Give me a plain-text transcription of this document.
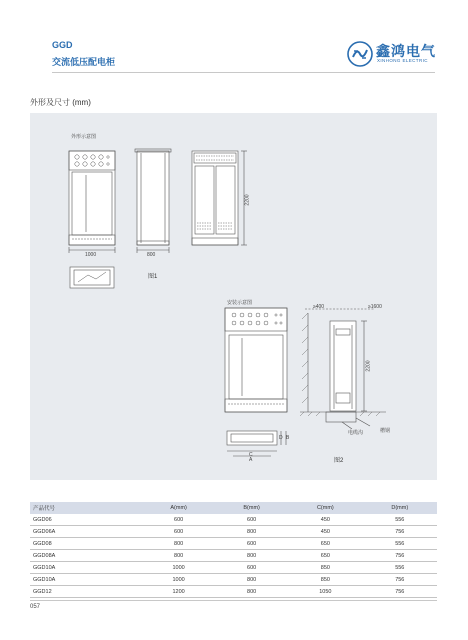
GGD
交流低压配电柜
鑫鸿电气
XINHONG ELECTRIC
外形及尺寸 (mm)
外形示意图
1000	800
2200
图1
安装示意图
≥400	≥1600
2200
电缆沟	槽钢
C
A
D B
图2
产品代号	A(mm)	B(mm)	C(mm)	D(mm)
GGD06	600	600	450	556
GGD06A	600	800	450	756
GGD08	800	600	650	556
GGD08A	800	800	650	756
GGD10A	1000	600	850	556
GGD10A	1000	800	850	756
GGD12	1200	800	1050	756
057
